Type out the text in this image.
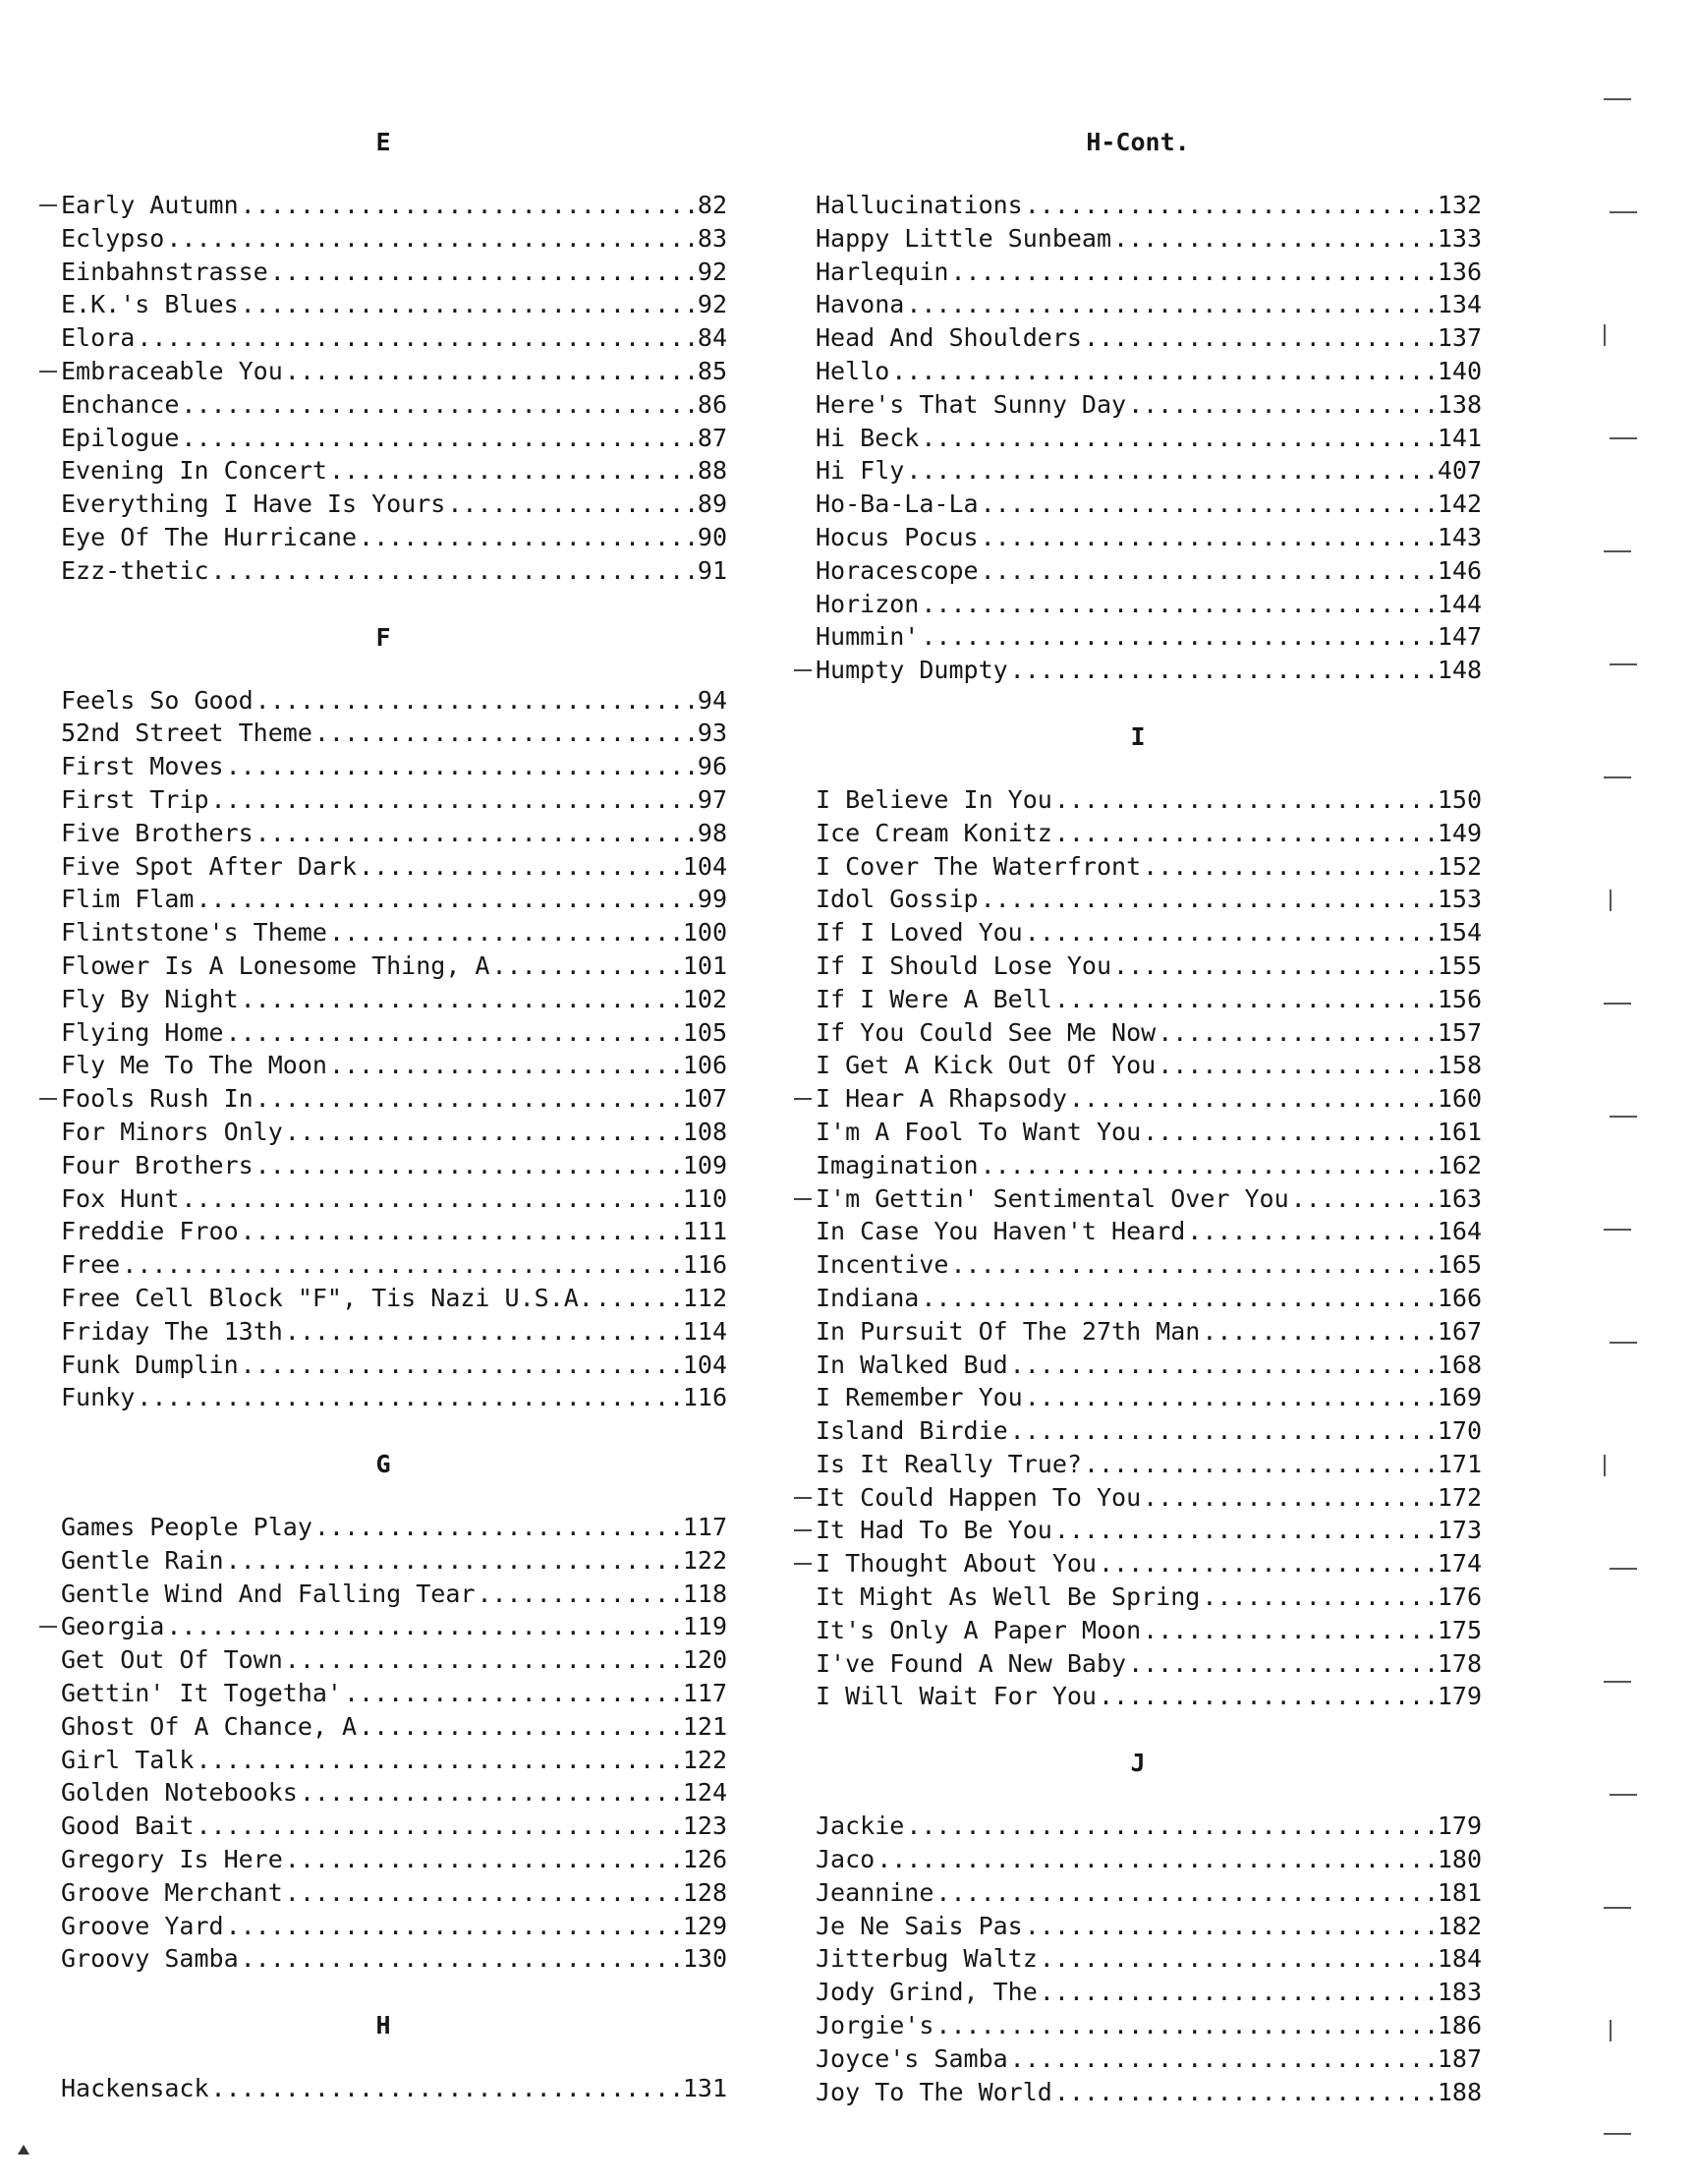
E
Early Autumn .....	82
Eclypso .....	83
Einbahnstrasse .....	92
E.K.'s Blues .....	92
Elora .....	84
Embraceable You .....	85
Enchance .....	86
Epilogue .....	87
Evening In Concert .....	88
Everything I Have Is Yours .....	89
Eye Of The Hurricane .....	90
Ezz-thetic .....	91
F
Feels So Good .....	94
52nd Street Theme .....	93
First Moves .....	96
First Trip .....	97
Five Brothers .....	98
Five Spot After Dark .....	104
Flim Flam .....	99
Flintstone's Theme .....	100
Flower Is A Lonesome Thing, A .....	101
Fly By Night .....	102
Flying Home .....	105
Fly Me To The Moon .....	106
Fools Rush In .....	107
For Minors Only .....	108
Four Brothers .....	109
Fox Hunt .....	110
Freddie Froo .....	111
Free .....	116
Free Cell Block "F", Tis Nazi U.S.A. .....	112
Friday The 13th .....	114
Funk Dumplin .....	104
Funky .....	116
G
Games People Play .....	117
Gentle Rain .....	122
Gentle Wind And Falling Tear .....	118
Georgia .....	119
Get Out Of Town .....	120
Gettin' It Togetha' .....	117
Ghost Of A Chance, A .....	121
Girl Talk .....	122
Golden Notebooks .....	124
Good Bait .....	123
Gregory Is Here .....	126
Groove Merchant .....	128
Groove Yard .....	129
Groovy Samba .....	130
H
Hackensack .....	131
H-Cont.
Hallucinations .....	132
Happy Little Sunbeam .....	133
Harlequin .....	136
Havona .....	134
Head And Shoulders .....	137
Hello .....	140
Here's That Sunny Day .....	138
Hi Beck .....	141
Hi Fly .....	407
Ho-Ba-La-La .....	142
Hocus Pocus .....	143
Horacescope .....	146
Horizon .....	144
Hummin' .....	147
Humpty Dumpty .....	148
I
I Believe In You .....	150
Ice Cream Konitz .....	149
I Cover The Waterfront .....	152
Idol Gossip .....	153
If I Loved You .....	154
If I Should Lose You .....	155
If I Were A Bell .....	156
If You Could See Me Now .....	157
I Get A Kick Out Of You .....	158
I Hear A Rhapsody .....	160
I'm A Fool To Want You .....	161
Imagination .....	162
I'm Gettin' Sentimental Over You .....	163
In Case You Haven't Heard .....	164
Incentive .....	165
Indiana .....	166
In Pursuit Of The 27th Man .....	167
In Walked Bud .....	168
I Remember You .....	169
Island Birdie .....	170
Is It Really True? .....	171
It Could Happen To You .....	172
It Had To Be You .....	173
I Thought About You .....	174
It Might As Well Be Spring .....	176
It's Only A Paper Moon .....	175
I've Found A New Baby .....	178
I Will Wait For You .....	179
J
Jackie .....	179
Jaco .....	180
Jeannine .....	181
Je Ne Sais Pas .....	182
Jitterbug Waltz .....	184
Jody Grind, The .....	183
Jorgie's .....	186
Joyce's Samba .....	187
Joy To The World .....	188
